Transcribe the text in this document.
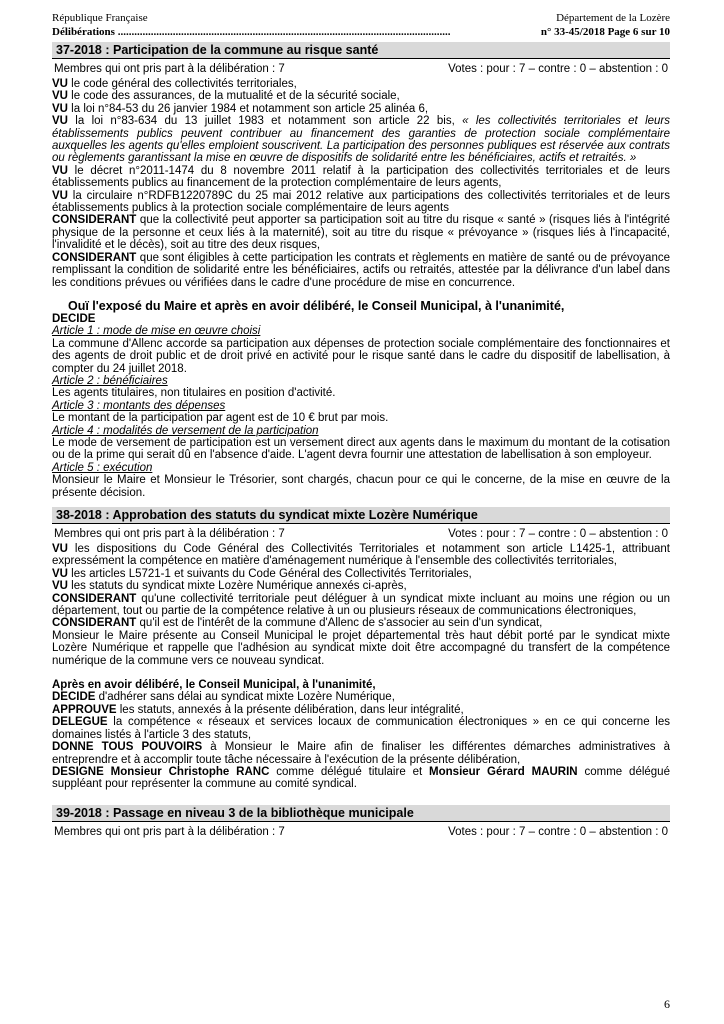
République Française	Département de la Lozère
Délibérations .........................................................................................................................	n° 33-45/2018 Page 6 sur 10
37-2018 : Participation de la commune au risque santé
Membres qui ont pris part à la délibération : 7	Votes : pour : 7 – contre : 0 – abstention : 0

VU le code général des collectivités territoriales,

VU le code des assurances, de la mutualité et de la sécurité sociale,

VU la loi n°84-53 du 26 janvier 1984 et notamment son article 25 alinéa 6,

VU la loi n°83-634 du 13 juillet 1983 et notamment son article 22 bis, « les collectivités territoriales et leurs établissements publics peuvent contribuer au financement des garanties de protection sociale complémentaire auxquelles les agents qu'elles emploient souscrivent. La participation des personnes publiques est réservée aux contrats ou règlements garantissant la mise en œuvre de dispositifs de solidarité entre les bénéficiaires, actifs et retraités. »

VU le décret n°2011-1474 du 8 novembre 2011 relatif à la participation des collectivités territoriales et de leurs établissements publics au financement de la protection complémentaire de leurs agents,

VU la circulaire n°RDFB1220789C du 25 mai 2012 relative aux participations des collectivités territoriales et de leurs établissements publics à la protection sociale complémentaire de leurs agents

CONSIDERANT que la collectivité peut apporter sa participation soit au titre du risque « santé » (risques liés à l'intégrité physique de la personne et ceux liés à la maternité), soit au titre du risque « prévoyance » (risques liés à l'incapacité, l'invalidité et le décès), soit au titre des deux risques,

CONSIDERANT que sont éligibles à cette participation les contrats et règlements en matière de santé ou de prévoyance remplissant la condition de solidarité entre les bénéficiaires, actifs ou retraités, attestée par la délivrance d'un label dans les conditions prévues ou vérifiées dans le cadre d'une procédure de mise en concurrence.

Ouï l'exposé du Maire et après en avoir délibéré, le Conseil Municipal, à l'unanimité,

DECIDE

Article 1 : mode de mise en œuvre choisi

La commune d'Allenc accorde sa participation aux dépenses de protection sociale complémentaire des fonctionnaires et des agents de droit public et de droit privé en activité pour le risque santé dans le cadre du dispositif de labellisation, à compter du 24 juillet 2018.

Article 2 : bénéficiaires

Les agents titulaires, non titulaires en position d'activité.

Article 3 : montants des dépenses

Le montant de la participation par agent est de 10 € brut par mois.

Article 4 : modalités de versement de la participation

Le mode de versement de participation est un versement direct aux agents dans le maximum du montant de la cotisation ou de la prime qui serait dû en l'absence d'aide. L'agent devra fournir une attestation de labellisation à son employeur.

Article 5 : exécution

Monsieur le Maire et Monsieur le Trésorier, sont chargés, chacun pour ce qui le concerne, de la mise en œuvre de la présente décision.

38-2018 : Approbation des statuts du syndicat mixte Lozère Numérique
Membres qui ont pris part à la délibération : 7	Votes : pour : 7 – contre : 0 – abstention : 0

VU les dispositions du Code Général des Collectivités Territoriales et notamment son article L1425-1, attribuant expressément la compétence en matière d'aménagement numérique à l'ensemble des collectivités territoriales,

VU les articles L5721-1 et suivants du Code Général des Collectivités Territoriales,

VU les statuts du syndicat mixte Lozère Numérique annexés ci-après,

CONSIDERANT qu'une collectivité territoriale peut déléguer à un syndicat mixte incluant au moins une région ou un département, tout ou partie de la compétence relative à un ou plusieurs réseaux de communications électroniques,

CONSIDERANT qu'il est de l'intérêt de la commune d'Allenc de s'associer au sein d'un syndicat,

Monsieur le Maire présente au Conseil Municipal le projet départemental très haut débit porté par le syndicat mixte Lozère Numérique et rappelle que l'adhésion au syndicat mixte doit être accompagné du transfert de la compétence numérique de la commune vers ce nouveau syndicat.

Après en avoir délibéré, le Conseil Municipal, à l'unanimité,

DECIDE d'adhérer sans délai au syndicat mixte Lozère Numérique,

APPROUVE les statuts, annexés à la présente délibération, dans leur intégralité,

DELEGUE la compétence « réseaux et services locaux de communication électroniques » en ce qui concerne les domaines listés à l'article 3 des statuts,

DONNE TOUS POUVOIRS à Monsieur le Maire afin de finaliser les différentes démarches administratives à entreprendre et à accomplir toute tâche nécessaire à l'exécution de la présente délibération,

DESIGNE Monsieur Christophe RANC comme délégué titulaire et Monsieur Gérard MAURIN comme délégué suppléant pour représenter la commune au comité syndical.

39-2018 : Passage en niveau 3 de la bibliothèque municipale
Membres qui ont pris part à la délibération : 7	Votes : pour : 7 – contre : 0 – abstention : 0
6
